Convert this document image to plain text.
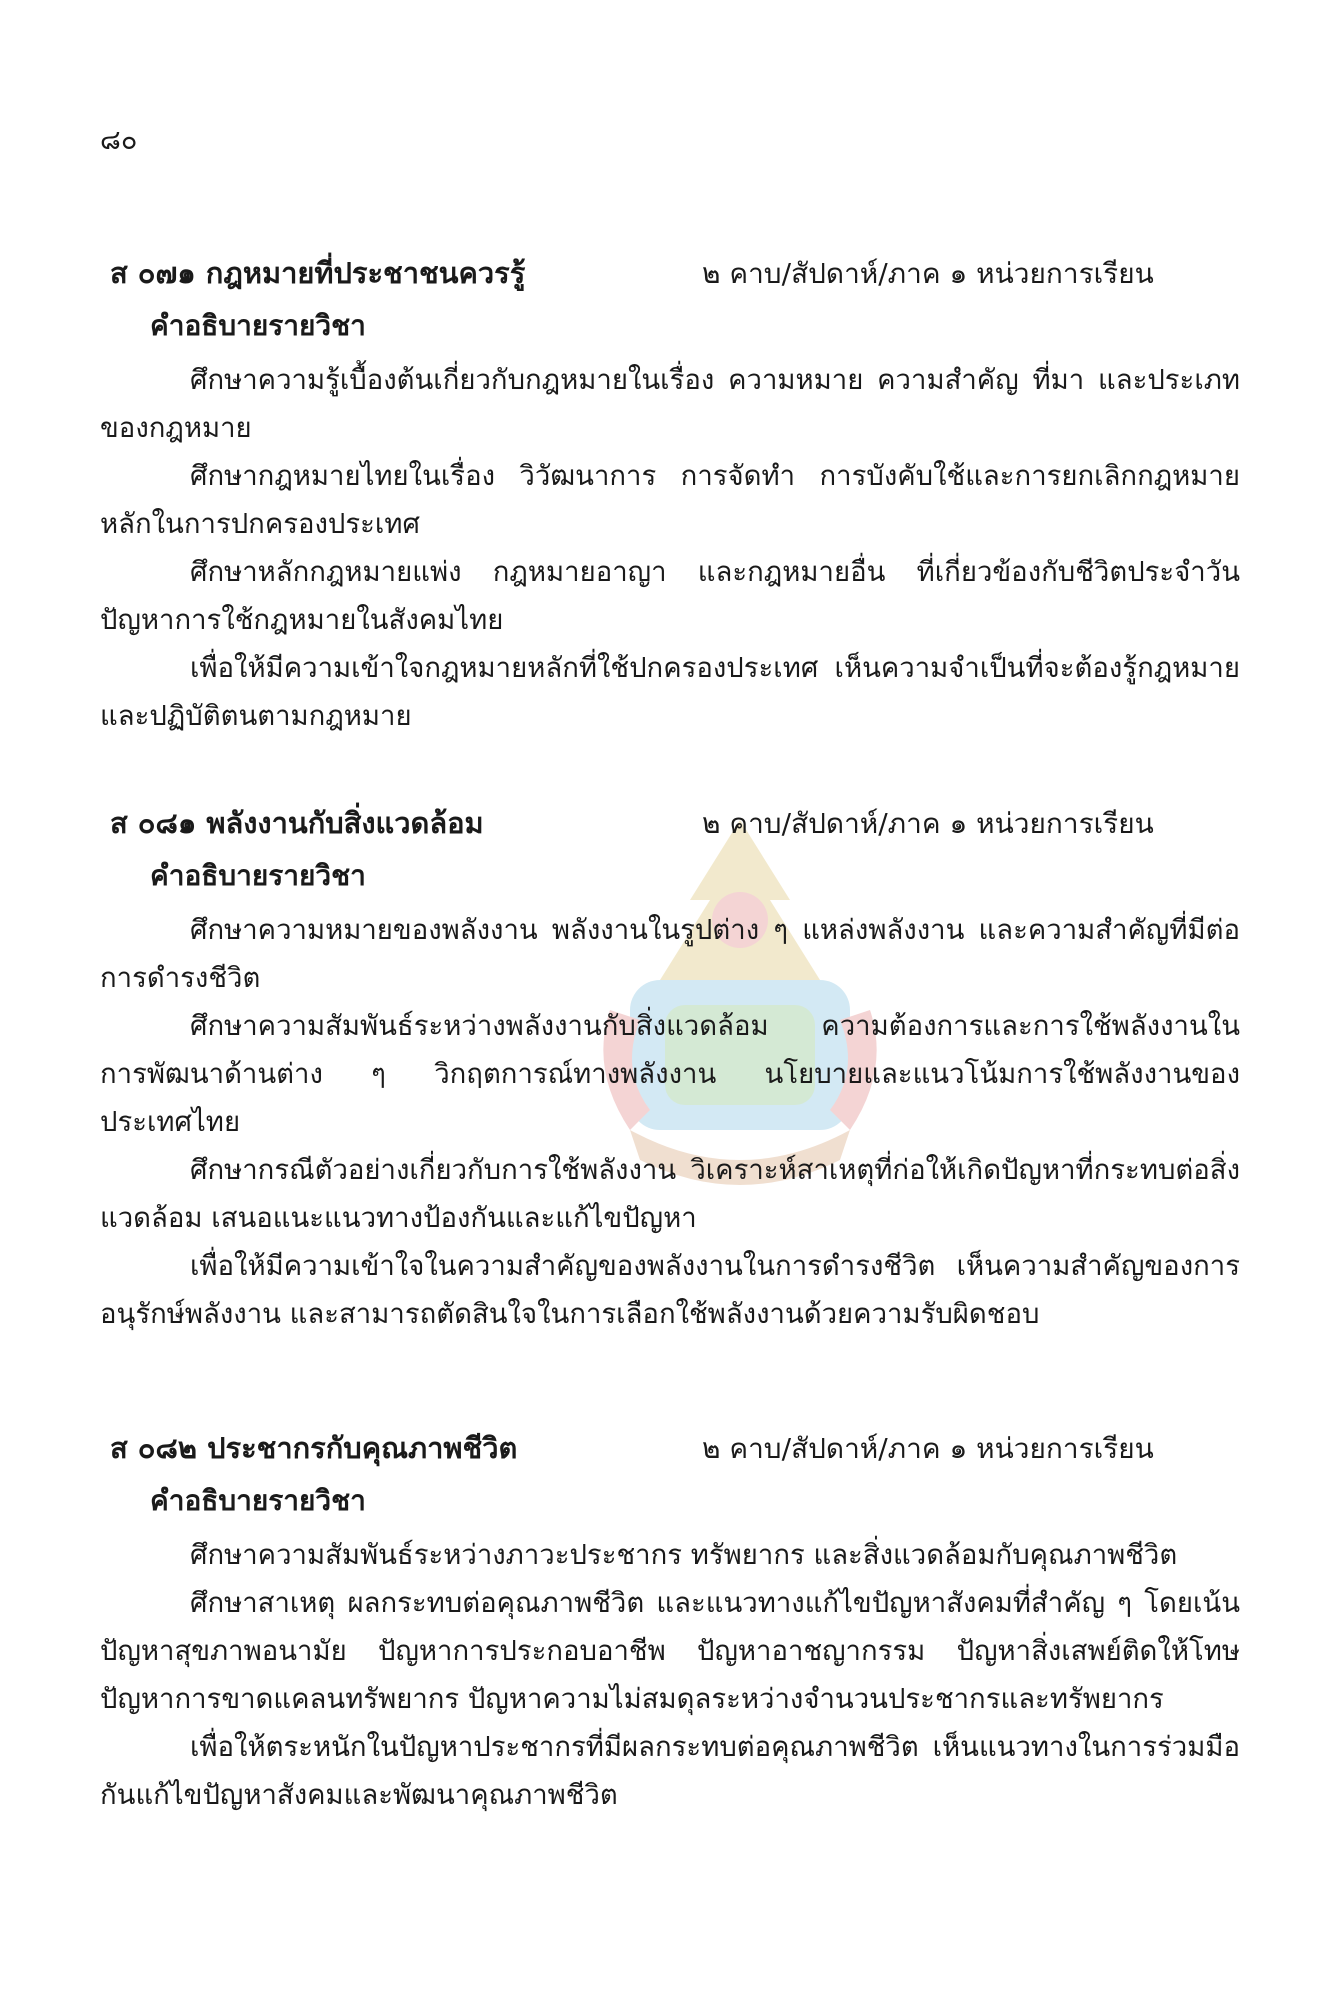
๘๐
ส ๐๗๑ กฎหมายที่ประชาชนควรรู้	๒ คาบ/สัปดาห์/ภาค ๑ หน่วยการเรียน
คำอธิบายรายวิชา

ศึกษาความรู้เบื้องต้นเกี่ยวกับกฎหมายในเรื่อง ความหมาย ความสำคัญ ที่มา และประเภทของกฎหมาย

ศึกษากฎหมายไทยในเรื่อง วิวัฒนาการ การจัดทำ การบังคับใช้และการยกเลิกกฎหมายหลักในการปกครองประเทศ

ศึกษาหลักกฎหมายแพ่ง กฎหมายอาญา และกฎหมายอื่น ที่เกี่ยวข้องกับชีวิตประจำวัน ปัญหาการใช้กฎหมายในสังคมไทย

เพื่อให้มีความเข้าใจกฎหมายหลักที่ใช้ปกครองประเทศ เห็นความจำเป็นที่จะต้องรู้กฎหมายและปฏิบัติตนตามกฎหมาย

ส ๐๘๑ พลังงานกับสิ่งแวดล้อม	๒ คาบ/สัปดาห์/ภาค ๑ หน่วยการเรียน
คำอธิบายรายวิชา

ศึกษาความหมายของพลังงาน พลังงานในรูปต่าง ๆ แหล่งพลังงาน และความสำคัญที่มีต่อการดำรงชีวิต

ศึกษาความสัมพันธ์ระหว่างพลังงานกับสิ่งแวดล้อม ความต้องการและการใช้พลังงานในการพัฒนาด้านต่าง ๆ วิกฤตการณ์ทางพลังงาน นโยบายและแนวโน้มการใช้พลังงานของประเทศไทย

ศึกษากรณีตัวอย่างเกี่ยวกับการใช้พลังงาน วิเคราะห์สาเหตุที่ก่อให้เกิดปัญหาที่กระทบต่อสิ่งแวดล้อม เสนอแนะแนวทางป้องกันและแก้ไขปัญหา

เพื่อให้มีความเข้าใจในความสำคัญของพลังงานในการดำรงชีวิต เห็นความสำคัญของการอนุรักษ์พลังงาน และสามารถตัดสินใจในการเลือกใช้พลังงานด้วยความรับผิดชอบ

ส ๐๘๒ ประชากรกับคุณภาพชีวิต	๒ คาบ/สัปดาห์/ภาค ๑ หน่วยการเรียน
คำอธิบายรายวิชา

ศึกษาความสัมพันธ์ระหว่างภาวะประชากร ทรัพยากร และสิ่งแวดล้อมกับคุณภาพชีวิต

ศึกษาสาเหตุ ผลกระทบต่อคุณภาพชีวิต และแนวทางแก้ไขปัญหาสังคมที่สำคัญ ๆ โดยเน้นปัญหาสุขภาพอนามัย ปัญหาการประกอบอาชีพ ปัญหาอาชญากรรม ปัญหาสิ่งเสพย์ติดให้โทษ ปัญหาการขาดแคลนทรัพยากร ปัญหาความไม่สมดุลระหว่างจำนวนประชากรและทรัพยากร

เพื่อให้ตระหนักในปัญหาประชากรที่มีผลกระทบต่อคุณภาพชีวิต เห็นแนวทางในการร่วมมือกันแก้ไขปัญหาสังคมและพัฒนาคุณภาพชีวิต
